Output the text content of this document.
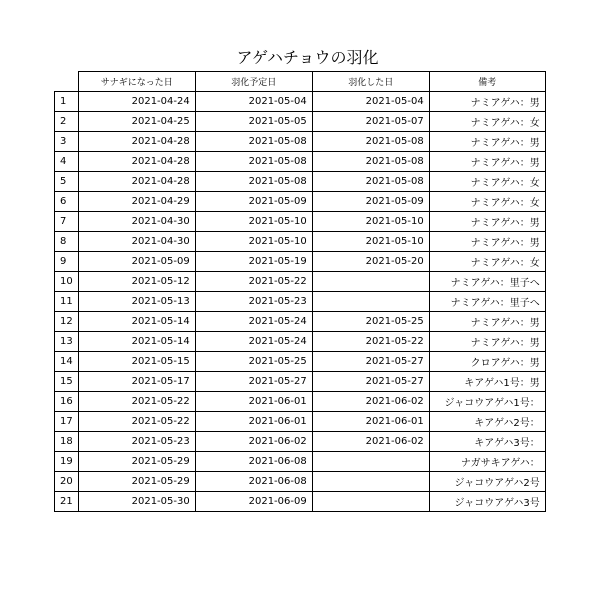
アゲハチョウの羽化
	サナギになった日	羽化予定日	羽化した日	備考
1	2021-04-24	2021-05-04	2021-05-04	ナミアゲハ：男
2	2021-04-25	2021-05-05	2021-05-07	ナミアゲハ：女
3	2021-04-28	2021-05-08	2021-05-08	ナミアゲハ：男
4	2021-04-28	2021-05-08	2021-05-08	ナミアゲハ：男
5	2021-04-28	2021-05-08	2021-05-08	ナミアゲハ：女
6	2021-04-29	2021-05-09	2021-05-09	ナミアゲハ：女
7	2021-04-30	2021-05-10	2021-05-10	ナミアゲハ：男
8	2021-04-30	2021-05-10	2021-05-10	ナミアゲハ：男
9	2021-05-09	2021-05-19	2021-05-20	ナミアゲハ：女
10	2021-05-12	2021-05-22		ナミアゲハ：里子へ
11	2021-05-13	2021-05-23		ナミアゲハ：里子へ
12	2021-05-14	2021-05-24	2021-05-25	ナミアゲハ：男
13	2021-05-14	2021-05-24	2021-05-22	ナミアゲハ：男
14	2021-05-15	2021-05-25	2021-05-27	クロアゲハ：男
15	2021-05-17	2021-05-27	2021-05-27	キアゲハ1号：男
16	2021-05-22	2021-06-01	2021-06-02	ジャコウアゲハ1号：
17	2021-05-22	2021-06-01	2021-06-01	キアゲハ2号：
18	2021-05-23	2021-06-02	2021-06-02	キアゲハ3号：
19	2021-05-29	2021-06-08		ナガサキアゲハ：
20	2021-05-29	2021-06-08		ジャコウアゲハ2号
21	2021-05-30	2021-06-09		ジャコウアゲハ3号
